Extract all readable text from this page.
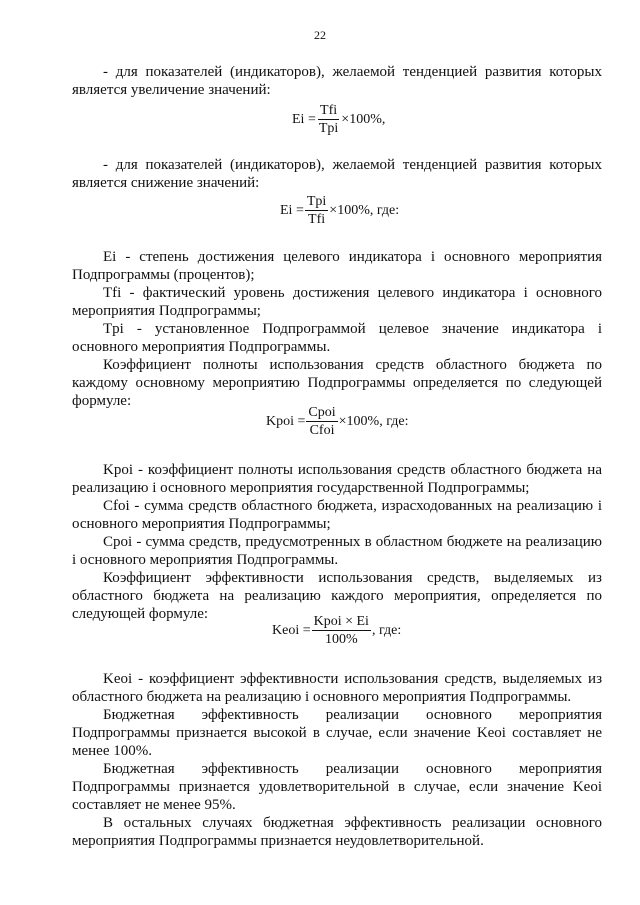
22

- для показателей (индикаторов), желаемой тенденцией развития которых является увеличение значений:

$Ei = \frac{\text{Tfi}}{\text{Tpi}} \times 100\%$,

- для показателей (индикаторов), желаемой тенденцией развития которых является снижение значений:

$Ei = \frac{\text{Tpi}}{\text{Tfi}} \times 100\%$, где:

Ei - степень достижения целевого индикатора i основного мероприятия Подпрограммы (процентов);

Tfi - фактический уровень достижения целевого индикатора i основного мероприятия Подпрограммы;

Tpi - установленное Подпрограммой целевое значение индикатора i основного мероприятия Подпрограммы.

Коэффициент полноты использования средств областного бюджета по каждому основному мероприятию Подпрограммы определяется по следующей формуле:

Kpoi = $\frac{\text{Cpoi}}{\text{Cfoi}} \times 100\%$, где:

Kpoi - коэффициент полноты использования средств областного бюджета на реализацию i основного мероприятия государственной Подпрограммы;

Cfoi - сумма средств областного бюджета, израсходованных на реализацию i основного мероприятия Подпрограммы;

Cpoi - сумма средств, предусмотренных в областном бюджете на реализацию i основного мероприятия Подпрограммы.

Коэффициент эффективности использования средств, выделяемых из областного бюджета на реализацию каждого мероприятия, определяется по следующей формуле:

Keoi = $\frac{\text{Kpoi × Ei}}{100\%}$ , где:

Keoi - коэффициент эффективности использования средств, выделяемых из областного бюджета на реализацию i основного мероприятия Подпрограммы.

Бюджетная эффективность реализации основного мероприятия Подпрограммы признается высокой в случае, если значение Keoi составляет не менее 100%.

Бюджетная эффективность реализации основного мероприятия Подпрограммы признается удовлетворительной в случае, если значение Keoi составляет не менее 95%.

В остальных случаях бюджетная эффективность реализации основного мероприятия Подпрограммы признается неудовлетворительной.
